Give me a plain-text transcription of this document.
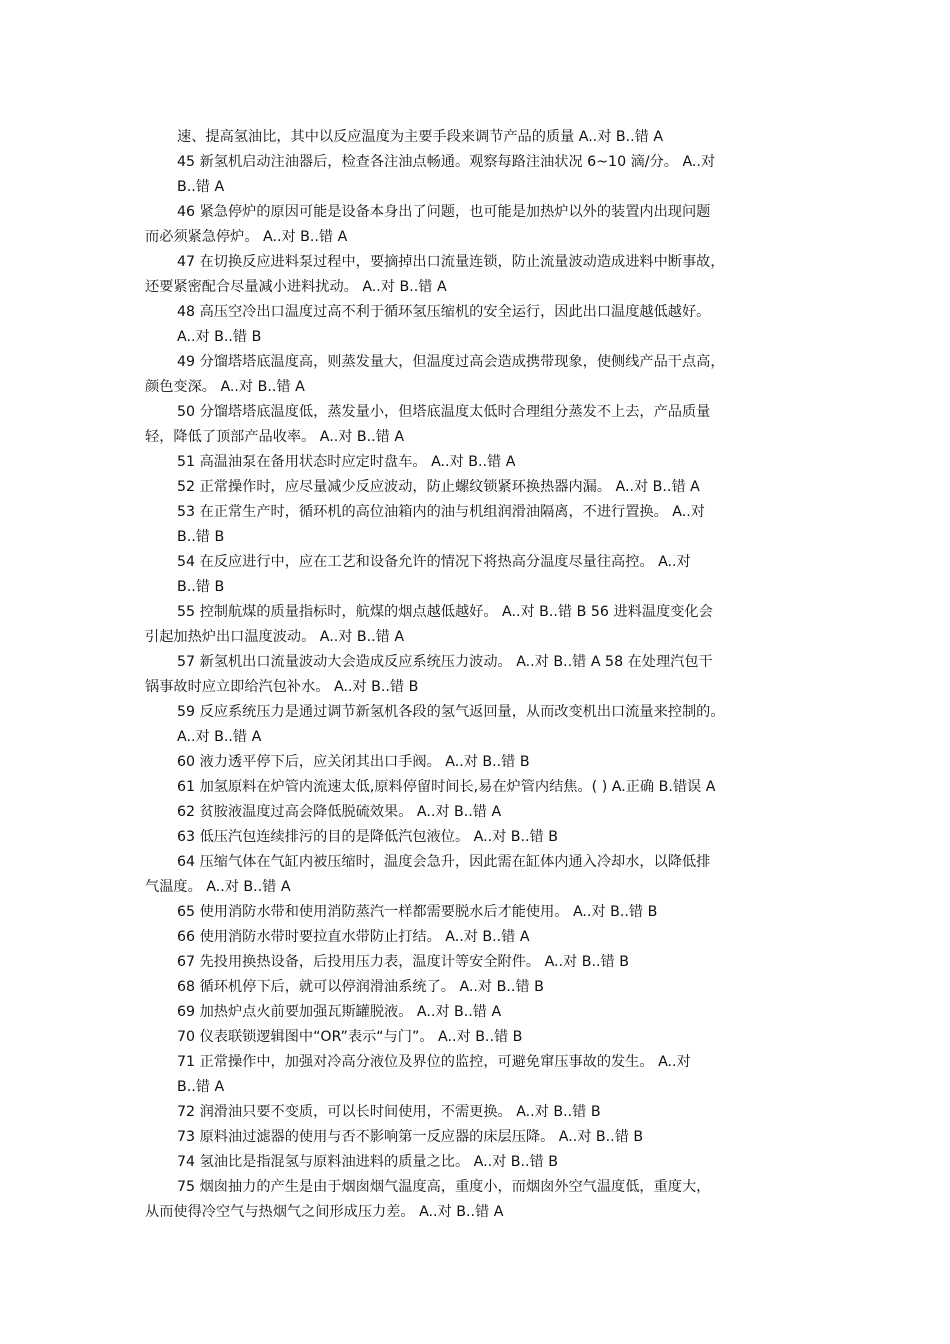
速、提高氢油比，其中以反应温度为主要手段来调节产品的质量 A..对 B..错 A
45 新氢机启动注油器后，检查各注油点畅通。观察每路注油状况 6~10 滴/分。 A..对
B..错 A
46 紧急停炉的原因可能是设备本身出了问题，也可能是加热炉以外的装置内出现问题
而必须紧急停炉。 A..对 B..错 A
47 在切换反应进料泵过程中，要摘掉出口流量连锁，防止流量波动造成进料中断事故，
还要紧密配合尽量减小进料扰动。 A..对 B..错 A
48 高压空冷出口温度过高不利于循环氢压缩机的安全运行，因此出口温度越低越好。
A..对 B..错 B
49 分馏塔塔底温度高，则蒸发量大，但温度过高会造成携带现象，使侧线产品干点高，
颜色变深。 A..对 B..错 A
50 分馏塔塔底温度低，蒸发量小，但塔底温度太低时合理组分蒸发不上去，产品质量
轻，降低了顶部产品收率。 A..对 B..错 A
51 高温油泵在备用状态时应定时盘车。 A..对 B..错 A
52 正常操作时，应尽量减少反应波动，防止螺纹锁紧环换热器内漏。 A..对 B..错 A
53 在正常生产时，循环机的高位油箱内的油与机组润滑油隔离，不进行置换。 A..对
B..错 B
54 在反应进行中，应在工艺和设备允许的情况下将热高分温度尽量往高控。 A..对
B..错 B
55 控制航煤的质量指标时，航煤的烟点越低越好。 A..对 B..错 B 56 进料温度变化会
引起加热炉出口温度波动。 A..对 B..错 A
57 新氢机出口流量波动大会造成反应系统压力波动。 A..对 B..错 A 58 在处理汽包干
锅事故时应立即给汽包补水。 A..对 B..错 B
59 反应系统压力是通过调节新氢机各段的氢气返回量，从而改变机出口流量来控制的。
A..对 B..错 A
60 液力透平停下后，应关闭其出口手阀。 A..对 B..错 B
61 加氢原料在炉管内流速太低,原料停留时间长,易在炉管内结焦。( ) A.正确 B.错误 A
62 贫胺液温度过高会降低脱硫效果。 A..对 B..错 A
63 低压汽包连续排污的目的是降低汽包液位。 A..对 B..错 B
64 压缩气体在气缸内被压缩时，温度会急升，因此需在缸体内通入冷却水，以降低排
气温度。 A..对 B..错 A
65 使用消防水带和使用消防蒸汽一样都需要脱水后才能使用。 A..对 B..错 B
66 使用消防水带时要拉直水带防止打结。 A..对 B..错 A
67 先投用换热设备，后投用压力表，温度计等安全附件。 A..对 B..错 B
68 循环机停下后，就可以停润滑油系统了。 A..对 B..错 B
69 加热炉点火前要加强瓦斯罐脱液。 A..对 B..错 A
70 仪表联锁逻辑图中“OR”表示“与门”。 A..对 B..错 B
71 正常操作中，加强对冷高分液位及界位的监控，可避免窜压事故的发生。 A..对
B..错 A
72 润滑油只要不变质，可以长时间使用，不需更换。 A..对 B..错 B
73 原料油过滤器的使用与否不影响第一反应器的床层压降。 A..对 B..错 B
74 氢油比是指混氢与原料油进料的质量之比。 A..对 B..错 B
75 烟囱抽力的产生是由于烟囱烟气温度高，重度小，而烟囱外空气温度低，重度大，
从而使得冷空气与热烟气之间形成压力差。 A..对 B..错 A
